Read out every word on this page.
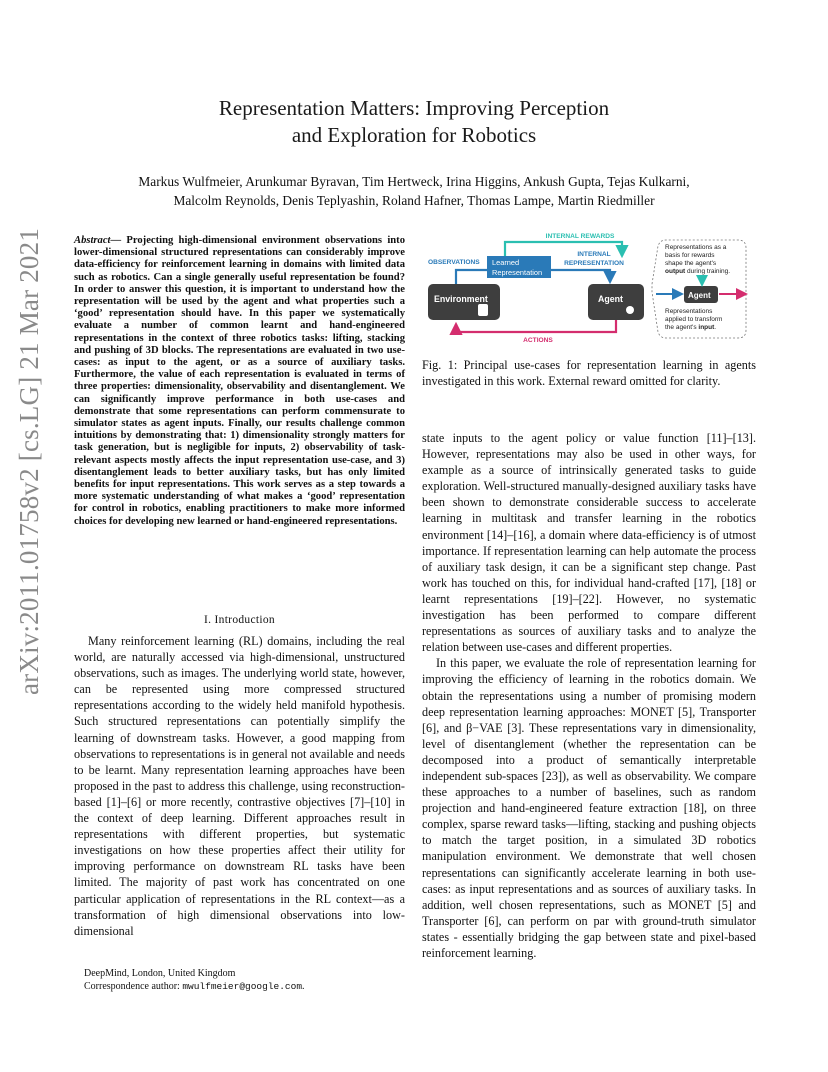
arXiv:2011.01758v2 [cs.LG] 21 Mar 2021
Representation Matters: Improving Perception
and Exploration for Robotics
Markus Wulfmeier, Arunkumar Byravan, Tim Hertweck, Irina Higgins, Ankush Gupta, Tejas Kulkarni,
Malcolm Reynolds, Denis Teplyashin, Roland Hafner, Thomas Lampe, Martin Riedmiller
Abstract— Projecting high-dimensional environment observations into lower-dimensional structured representations can considerably improve data-efficiency for reinforcement learning in domains with limited data such as robotics. Can a single generally useful representation be found? In order to answer this question, it is important to understand how the representation will be used by the agent and what properties such a ‘good’ representation should have. In this paper we systematically evaluate a number of common learnt and hand-engineered representations in the context of three robotics tasks: lifting, stacking and pushing of 3D blocks. The representations are evaluated in two use-cases: as input to the agent, or as a source of auxiliary tasks. Furthermore, the value of each representation is evaluated in terms of three properties: dimensionality, observability and disentanglement. We can significantly improve performance in both use-cases and demonstrate that some representations can perform commensurate to simulator states as agent inputs. Finally, our results challenge common intuitions by demonstrating that: 1) dimensionality strongly matters for task generation, but is negligible for inputs, 2) observability of task-relevant aspects mostly affects the input representation use-case, and 3) disentanglement leads to better auxiliary tasks, but has only limited benefits for input representations. This work serves as a step towards a more systematic understanding of what makes a ‘good’ representation for control in robotics, enabling practitioners to make more informed choices for developing new learned or hand-engineered representations.
I. Introduction

Many reinforcement learning (RL) domains, including the real world, are naturally accessed via high-dimensional, unstructured observations, such as images. The underlying world state, however, can be represented using more compressed structured representations according to the widely held manifold hypothesis. Such structured representations can potentially simplify the learning of downstream tasks. However, a good mapping from observations to representations is in general not available and needs to be learnt. Many representation learning approaches have been proposed in the past to address this challenge, using reconstruction-based [1]–[6] or more recently, contrastive objectives [7]–[10] in the context of deep learning. Different approaches result in representations with different properties, but systematic investigations on how these properties affect their utility for improving performance on downstream RL tasks have been limited. The majority of past work has concentrated on one particular application of representations in the RL context—as a transformation of high dimensional observations into low-dimensional

DeepMind, London, United Kingdom
Correspondence author: mwulfmeier@google.com.
INTERNAL REWARDS
OBSERVATIONS Learned
Representation
INTERNAL
REPRESENTATION
Environment	Agent
ACTIONS
Representations as a
basis for rewards
shape the agent's
output during training.
Agent
Representations
applied to transform
the agent's input.
Fig. 1: Principal use-cases for representation learning in agents investigated in this work. External reward omitted for clarity.

state inputs to the agent policy or value function [11]–[13]. However, representations may also be used in other ways, for example as a source of intrinsically generated tasks to guide exploration. Well-structured manually-designed auxiliary tasks have been shown to demonstrate considerable success to accelerate learning in multitask and transfer learning in the robotics environment [14]–[16], a domain where data-efficiency is of utmost importance. If representation learning can help automate the process of auxiliary task design, it can be a significant step change. Past work has touched on this, for individual hand-crafted [17], [18] or learnt representations [19]–[22]. However, no systematic investigation has been performed to compare different representations as sources of auxiliary tasks and to analyze the relation between use-cases and different properties.

In this paper, we evaluate the role of representation learning for improving the efficiency of learning in the robotics domain. We obtain the representations using a number of promising modern deep representation learning approaches: MONET [5], Transporter [6], and β−VAE [3]. These representations vary in dimensionality, level of disentanglement (whether the representation can be decomposed into a product of semantically interpretable independent sub-spaces [23]), as well as observability. We compare these approaches to a number of baselines, such as random projection and hand-engineered feature extraction [18], on three complex, sparse reward tasks—lifting, stacking and pushing objects to match the target position, in a simulated 3D robotics manipulation environment. We demonstrate that well chosen representations can significantly accelerate learning in both use-cases: as input representations and as sources of auxiliary tasks. In addition, well chosen representations, such as MONET [5] and Transporter [6], can perform on par with ground-truth simulator states - essentially bridging the gap between state and pixel-based reinforcement learning.
